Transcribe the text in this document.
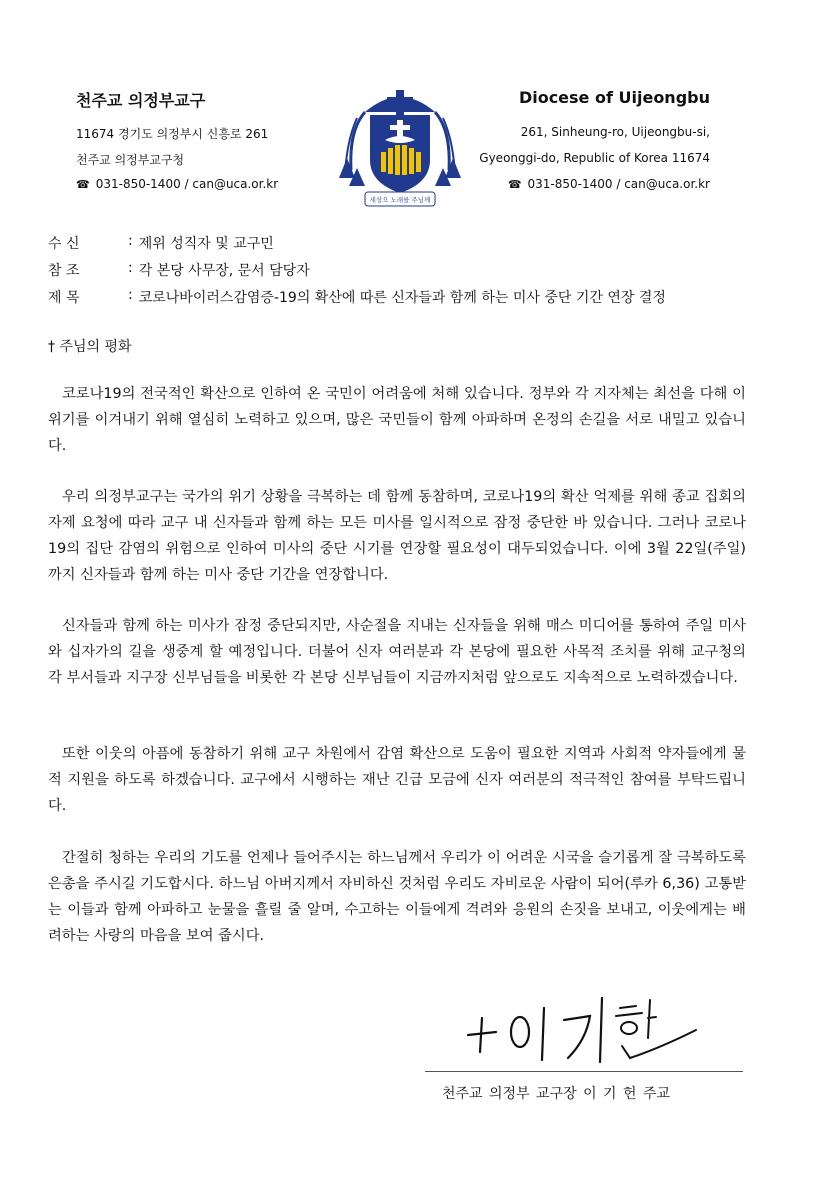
천주교 의정부교구
11674 경기도 의정부시 신흥로 261
천주교 의정부교구청
☎ 031-850-1400 / can@uca.or.kr
세상으 노래를 주님께
Diocese of Uijeongbu
261, Sinheung-ro, Uijeongbu-si,
Gyeonggi-do, Republic of Korea 11674
☎ 031-850-1400 / can@uca.or.kr
수 신	: 제위 성직자 및 교구민
참 조	: 각 본당 사무장, 문서 담당자
제 목	: 코로나바이러스감염증-19의 확산에 따른 신자들과 함께 하는 미사 중단 기간 연장 결정
† 주님의 평화
코로나19의 전국적인 확산으로 인하여 온 국민이 어려움에 처해 있습니다. 정부와 각 지자체는 최선을 다해 이 위기를 이겨내기 위해 열심히 노력하고 있으며, 많은 국민들이 함께 아파하며 온정의 손길을 서로 내밀고 있습니다.
우리 의정부교구는 국가의 위기 상황을 극복하는 데 함께 동참하며, 코로나19의 확산 억제를 위해 종교 집회의 자제 요청에 따라 교구 내 신자들과 함께 하는 모든 미사를 일시적으로 잠정 중단한 바 있습니다. 그러나 코로나19의 집단 감염의 위험으로 인하여 미사의 중단 시기를 연장할 필요성이 대두되었습니다. 이에 3월 22일(주일)까지 신자들과 함께 하는 미사 중단 기간을 연장합니다.
신자들과 함께 하는 미사가 잠정 중단되지만, 사순절을 지내는 신자들을 위해 매스 미디어를 통하여 주일 미사와 십자가의 길을 생중계 할 예정입니다. 더불어 신자 여러분과 각 본당에 필요한 사목적 조치를 위해 교구청의 각 부서들과 지구장 신부님들을 비롯한 각 본당 신부님들이 지금까지처럼 앞으로도 지속적으로 노력하겠습니다.
또한 이웃의 아픔에 동참하기 위해 교구 차원에서 감염 확산으로 도움이 필요한 지역과 사회적 약자들에게 물적 지원을 하도록 하겠습니다. 교구에서 시행하는 재난 긴급 모금에 신자 여러분의 적극적인 참여를 부탁드립니다.
간절히 청하는 우리의 기도를 언제나 들어주시는 하느님께서 우리가 이 어려운 시국을 슬기롭게 잘 극복하도록 은총을 주시길 기도합시다. 하느님 아버지께서 자비하신 것처럼 우리도 자비로운 사람이 되어(루카 6,36) 고통받는 이들과 함께 아파하고 눈물을 흘릴 줄 알며, 수고하는 이들에게 격려와 응원의 손짓을 보내고, 이웃에게는 배려하는 사랑의 마음을 보여 줍시다.
천주교 의정부 교구장 이 기 헌 주교
